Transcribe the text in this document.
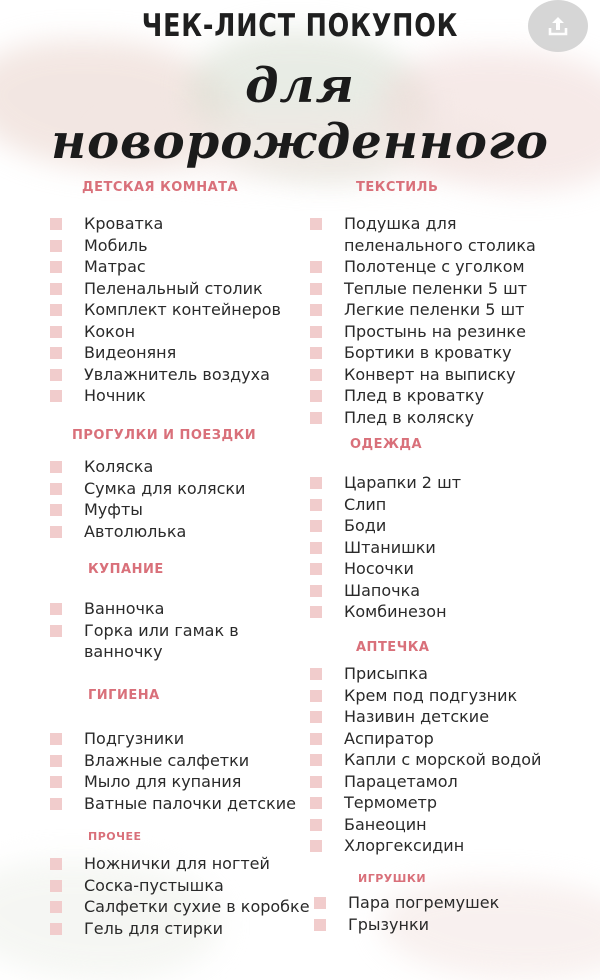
ЧЕК-ЛИСТ ПОКУПОК
для новорожденного
ДЕТСКАЯ КОМНАТА
Кроватка
Мобиль
Матрас
Пеленальный столик
Комплект контейнеров
Кокон
Видеоняня
Увлажнитель воздуха
Ночник
ПРОГУЛКИ И ПОЕЗДКИ
Коляска
Сумка для коляски
Муфты
Автолюлька
КУПАНИЕ
Ванночка
Горка или гамак в
ванночку
ГИГИЕНА
Подгузники
Влажные салфетки
Мыло для купания
Ватные палочки детские
ПРОЧЕЕ
Ножнички для ногтей
Соска-пустышка
Салфетки сухие в коробке
Гель для стирки
ТЕКСТИЛЬ
Подушка для
пеленального столика
Полотенце с уголком
Теплые пеленки 5 шт
Легкие пеленки 5 шт
Простынь на резинке
Бортики в кроватку
Конверт на выписку
Плед в кроватку
Плед в коляску
ОДЕЖДА
Царапки 2 шт
Слип
Боди
Штанишки
Носочки
Шапочка
Комбинезон
АПТЕЧКА
Присыпка
Крем под подгузник
Називин детские
Аспиратор
Капли с морской водой
Парацетамол
Термометр
Банеоцин
Хлоргексидин
ИГРУШКИ
Пара погремушек
Грызунки
